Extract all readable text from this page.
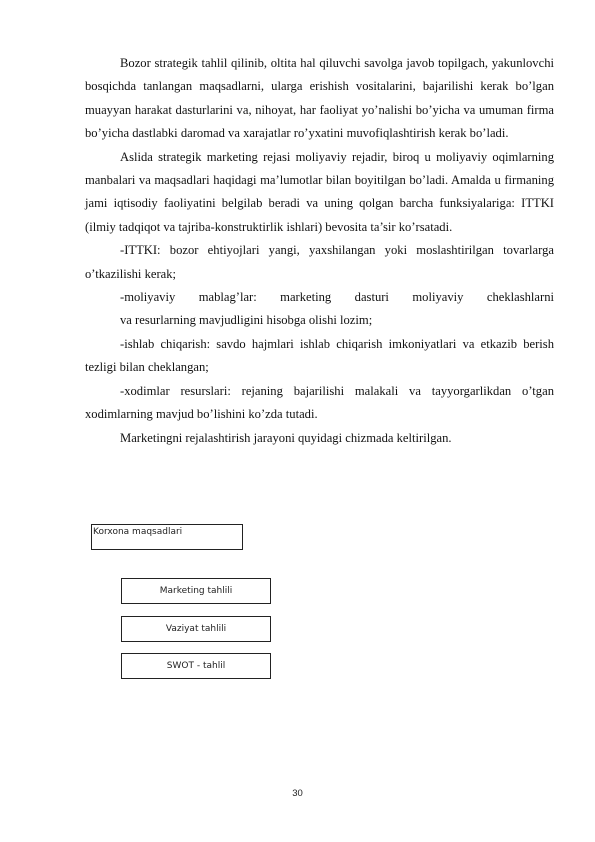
Bozor strategik tahlil qilinib, oltita hal qiluvchi savolga javob topilgach, yakunlovchi bosqichda tanlangan maqsadlarni, ularga erishish vositalarini, bajarilishi kerak bo’lgan muayyan harakat dasturlarini va, nihoyat, har faoliyat yo’nalishi bo’yicha va umuman firma bo’yicha dastlabki daromad va xarajatlar ro’yxatini muvofiqlashtirish kerak bo’ladi.

Aslida strategik marketing rejasi moliyaviy rejadir, biroq u moliyaviy oqimlarning manbalari va maqsadlari haqidagi ma’lumotlar bilan boyitilgan bo’ladi. Amalda u firmaning jami iqtisodiy faoliyatini belgilab beradi va uning qolgan barcha funksiyalariga: ITTKI (ilmiy tadqiqot va tajriba-konstruktirlik ishlari) bevosita ta’sir ko’rsatadi.

-ITTKI: bozor ehtiyojlari yangi, yaxshilangan yoki moslashtirilgan tovarlarga o’tkazilishi kerak;

-moliyaviy mablag’lar: marketing dasturi moliyaviy cheklashlarni
va resurlarning mavjudligini hisobga olishi lozim;

-ishlab chiqarish: savdo hajmlari ishlab chiqarish imkoniyatlari va etkazib berish tezligi bilan cheklangan;

-xodimlar resurslari: rejaning bajarilishi malakali va tayyorgarlikdan o’tgan xodimlarning mavjud bo’lishini ko’zda tutadi.

Marketingni rejalashtirish jarayoni quyidagi chizmada keltirilgan.

Korxona maqsadlari
Marketing tahlili
Vaziyat tahlili
SWOT - tahlil
30
